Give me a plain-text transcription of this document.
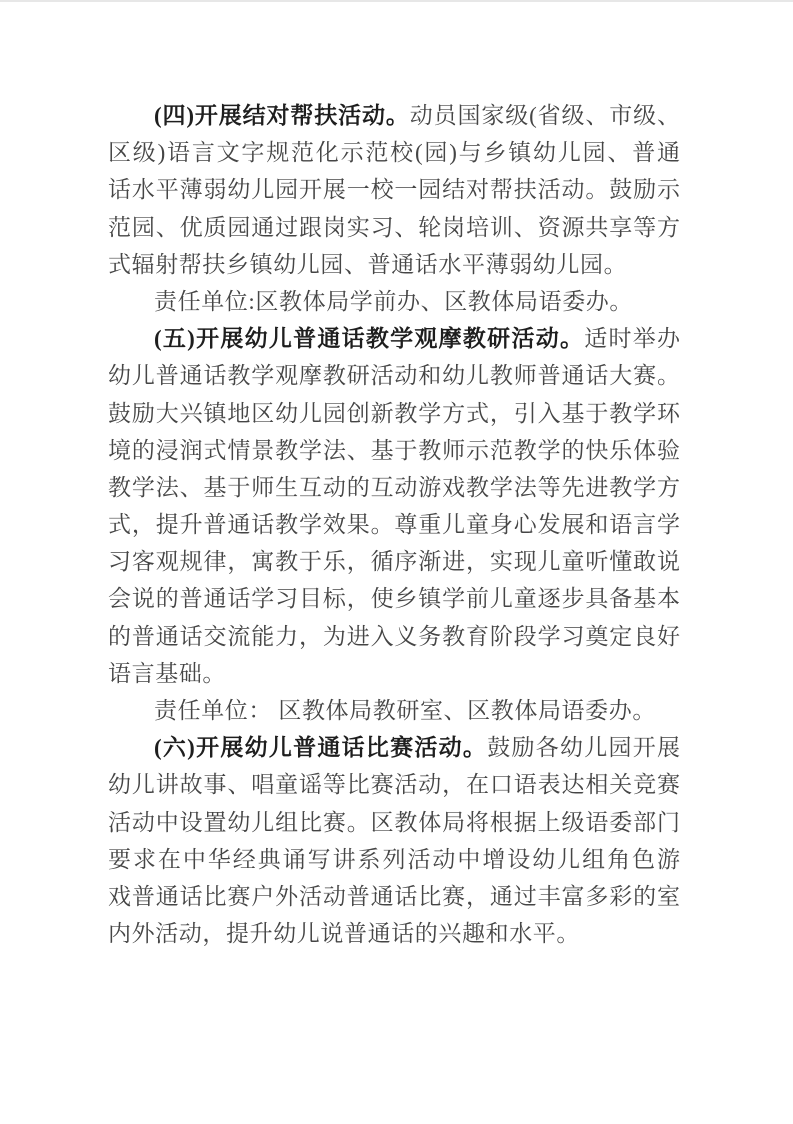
(四)开展结对帮扶活动。动员国家级(省级、市级、
区级)语言文字规范化示范校(园)与乡镇幼儿园、普通
话水平薄弱幼儿园开展一校一园结对帮扶活动。鼓励示
范园、优质园通过跟岗实习、轮岗培训、资源共享等方
式辐射帮扶乡镇幼儿园、普通话水平薄弱幼儿园。
责任单位:区教体局学前办、区教体局语委办。
(五)开展幼儿普通话教学观摩教研活动。适时举办
幼儿普通话教学观摩教研活动和幼儿教师普通话大赛。
鼓励大兴镇地区幼儿园创新教学方式，引入基于教学环
境的浸润式情景教学法、基于教师示范教学的快乐体验
教学法、基于师生互动的互动游戏教学法等先进教学方
式，提升普通话教学效果。尊重儿童身心发展和语言学
习客观规律，寓教于乐，循序渐进，实现儿童听懂敢说
会说的普通话学习目标，使乡镇学前儿童逐步具备基本
的普通话交流能力，为进入义务教育阶段学习奠定良好
语言基础。
责任单位： 区教体局教研室、区教体局语委办。
(六)开展幼儿普通话比赛活动。鼓励各幼儿园开展
幼儿讲故事、唱童谣等比赛活动，在口语表达相关竞赛
活动中设置幼儿组比赛。区教体局将根据上级语委部门
要求在中华经典诵写讲系列活动中增设幼儿组角色游
戏普通话比赛户外活动普通话比赛，通过丰富多彩的室
内外活动，提升幼儿说普通话的兴趣和水平。
